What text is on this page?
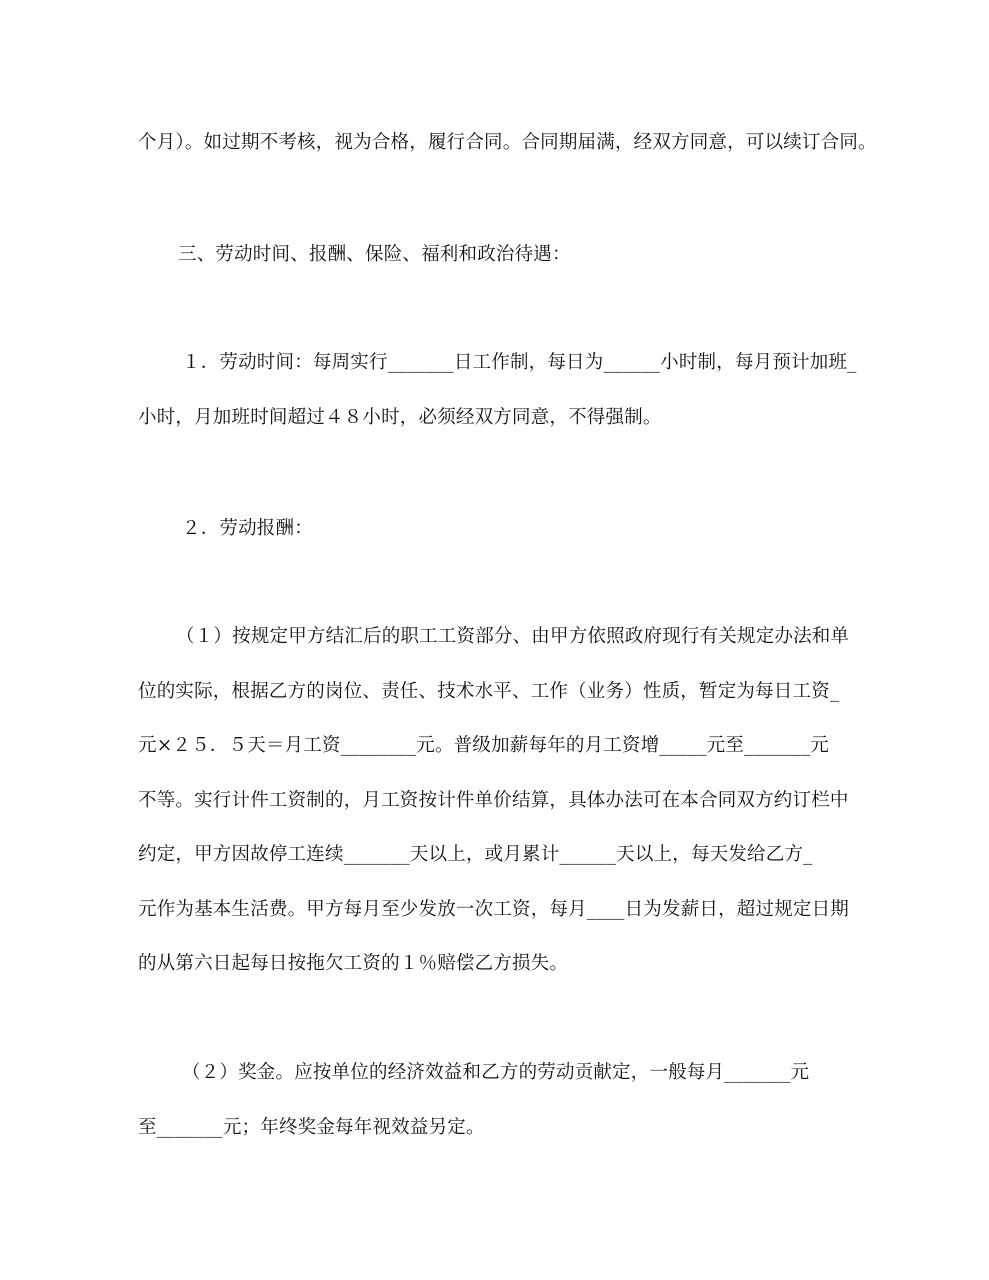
个月）。如过期不考核，视为合格，履行合同。合同期届满，经双方同意，可以续订合同。
三、劳动时间、报酬、保险、福利和政治待遇：
１．劳动时间：每周实行_______日工作制，每日为______小时制，每月预计加班_
小时，月加班时间超过４８小时，必须经双方同意，不得强制。
２．劳动报酬：
（１）按规定甲方结汇后的职工工资部分、由甲方依照政府现行有关规定办法和单
位的实际，根据乙方的岗位、责任、技术水平、工作（业务）性质，暂定为每日工资_
元×２５．５天＝月工资________元。普级加薪每年的月工资增_____元至_______元
不等。实行计件工资制的，月工资按计件单价结算，具体办法可在本合同双方约订栏中
约定，甲方因故停工连续_______天以上，或月累计______天以上，每天发给乙方_
元作为基本生活费。甲方每月至少发放一次工资，每月____日为发薪日，超过规定日期
的从第六日起每日按拖欠工资的１％赔偿乙方损失。
（２）奖金。应按单位的经济效益和乙方的劳动贡献定，一般每月_______元
至_______元；年终奖金每年视效益另定。
